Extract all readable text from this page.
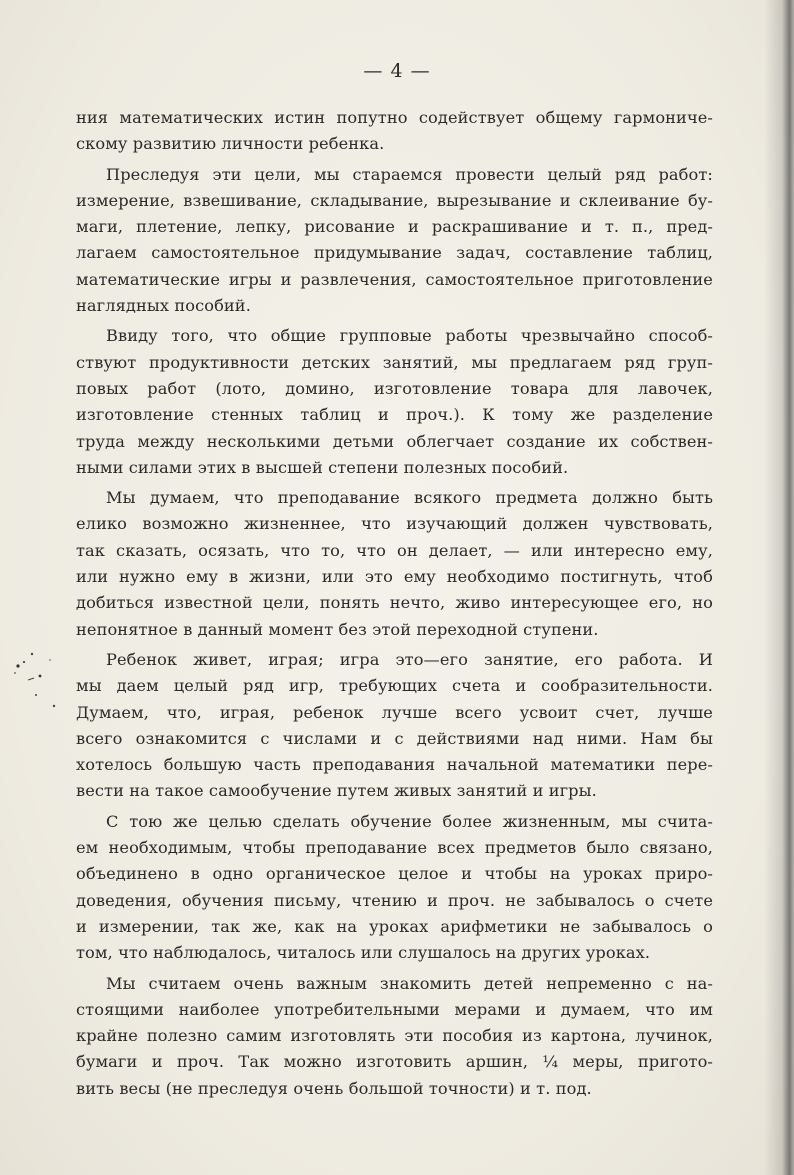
— 4 —

ния математических истин попутно содействует общему гармониче-
скому развитию личности ребенка.

Преследуя эти цели, мы стараемся провести целый ряд работ:
измерение, взвешивание, складывание, вырезывание и склеивание бу-
маги, плетение, лепку, рисование и раскрашивание и т. п., пред-
лагаем самостоятельное придумывание задач, составление таблиц,
математические игры и развлечения, самостоятельное приготовление
наглядных пособий.

Ввиду того, что общие групповые работы чрезвычайно способ-
ствуют продуктивности детских занятий, мы предлагаем ряд груп-
повых работ (лото, домино, изготовление товара для лавочек,
изготовление стенных таблиц и проч.). К тому же разделение
труда между несколькими детьми облегчает создание их собствен-
ными силами этих в высшей степени полезных пособий.

Мы думаем, что преподавание всякого предмета должно быть
елико возможно жизненнее, что изучающий должен чувствовать,
так сказать, осязать, что то, что он делает, — или интересно ему,
или нужно ему в жизни, или это ему необходимо постигнуть, чтоб
добиться известной цели, понять нечто, живо интересующее его, но
непонятное в данный момент без этой переходной ступени.

Ребенок живет, играя; игра это—его занятие, его работа. И
мы даем целый ряд игр, требующих счета и сообразительности.
Думаем, что, играя, ребенок лучше всего усвоит счет, лучше
всего ознакомится с числами и с действиями над ними. Нам бы
хотелось большую часть преподавания начальной математики пере-
вести на такое самообучение путем живых занятий и игры.

С тою же целью сделать обучение более жизненным, мы счита-
ем необходимым, чтобы преподавание всех предметов было связано,
объединено в одно органическое целое и чтобы на уроках приро-
доведения, обучения письму, чтению и проч. не забывалось о счете
и измерении, так же, как на уроках арифметики не забывалось о
том, что наблюдалось, читалось или слушалось на других уроках.

Мы считаем очень важным знакомить детей непременно с на-
стоящими наиболее употребительными мерами и думаем, что им
крайне полезно самим изготовлять эти пособия из картона, лучинок,
бумаги и проч. Так можно изготовить аршин, ¼ меры, пригото-
вить весы (не преследуя очень большой точности) и т. под.
